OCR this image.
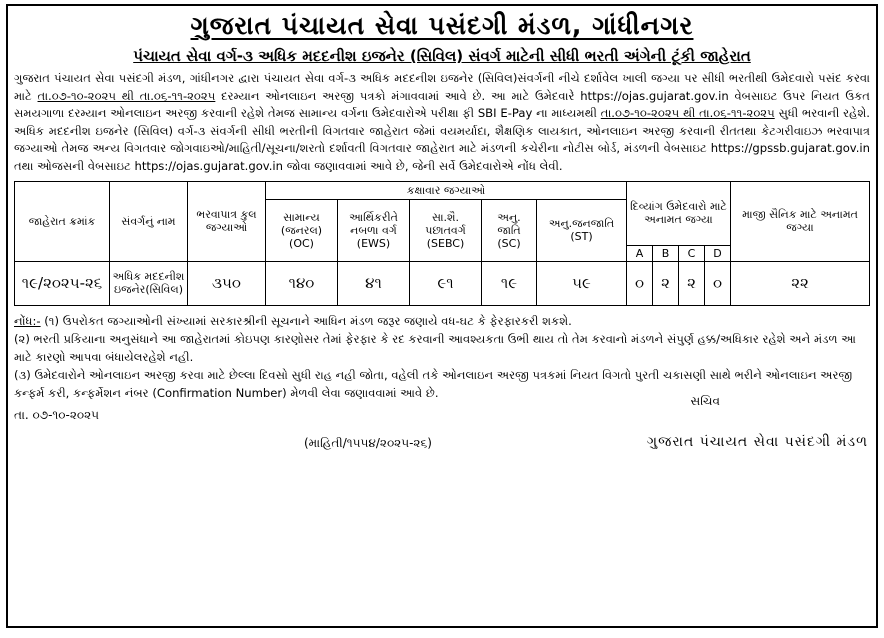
ગુજરાત પંચાયત સેવા પસંદગી મંડળ, ગાંધીનગર
પંચાયત સેવા વર્ગ-૩ અધિક મદદનીશ ઇજનેર (સિવિલ) સંવર્ગ માટેની સીધી ભરતી અંગેની ટૂંકી જાહેરાત
ગુજરાત પંચાયત સેવા પસંદગી મંડળ, ગાંધીનગર દ્વારા પંચાયત સેવા વર્ગ-૩ અધિક મદદનીશ ઇજનેર (સિવિલ)સંવર્ગની નીચે દર્શાવેલ ખાલી જગ્યા પર સીધી ભરતીથી ઉમેદવારો પસંદ કરવા માટે તા.૦૭-૧૦-૨૦૨૫ થી તા.૦૬-૧૧-૨૦૨૫ દરમ્યાન ઓનલાઇન અરજી પત્રકો મંગાવવામાં આવે છે. આ માટે ઉમેદવારે https://ojas.gujarat.gov.in વેબસાઇટ ઉપર નિયત ઉકત સમયગાળા દરમ્યાન ઓનલાઇન અરજી કરવાની રહેશે તેમજ સામાન્ય વર્ગના ઉમેદવારોએ પરીક્ષા ફી SBI E-Pay ના માધ્યમથી તા.૦૭-૧૦-૨૦૨૫ થી તા.૦૬-૧૧-૨૦૨૫ સુધી ભરવાની રહેશે. અધિક મદદનીશ ઇજનેર (સિવિલ) વર્ગ-૩ સંવર્ગની સીધી ભરતીની વિગતવાર જાહેરાત જેમાં વયમર્યાદા, શૈક્ષણિક લાયકાત, ઓનલાઇન અરજી કરવાની રીતતથા કેટગરીવાઇઝ ભરવાપાત્ર જગ્યાઓ તેમજ અન્ય વિગતવાર જોગવાઇઓ/માહિતી/સૂચના/શરતો દર્શાવતી વિગતવાર જાહેરાત માટે મંડળની કચેરીના નોટીસ બોર્ડ, મંડળની વેબસાઇટ https://gpssb.gujarat.gov.in તથા ઓજસની વેબસાઇટ https://ojas.gujarat.gov.in જોવા જણાવવામાં આવે છે, જેની સર્વે ઉમેદવારોએ નોંધ લેવી.
જાહેરાત ક્રમાંક	સંવર્ગનું નામ	ભરવાપાત્ર કુલ જગ્યાઓ	કક્ષાવાર જગ્યાઓ					દિવ્યાંગ ઉમેદવારો માટે અનામત જગ્યા				માજી સૈનિક માટે અનામત જગ્યા
			સામાન્ય (જનરલ) (OC)	આર્થિકરીતે નબળા વર્ગ (EWS)	સા.શૈ. પછાતવર્ગ (SEBC)	અનુ. જાતિ (SC)	અનુ.જનજાતિ (ST)					
								A	B	C	D	
૧૯/૨૦૨૫-૨૬	અધિક મદદનીશ ઇજનેર(સિવિલ)	૩૫૦	૧૪૦	૪૧	૯૧	૧૯	૫૯	૦	૨	૨	૦	૨૨
નોંધ:- (૧) ઉપરોકત જગ્યાઓની સંખ્યામાં સરકારશ્રીની સૂચનાને આધિન મંડળ જરૂર જણાયે વધ-ઘટ કે ફેરફારકરી શકશે.
(૨) ભરતી પ્રકિયાના અનુસંધાને આ જાહેરાતમાં કોઇપણ કારણોસર તેમાં ફેરફાર કે રદ કરવાની આવશ્યકતા ઉભી થાય તો તેમ કરવાનો મંડળને સંપુર્ણ હક્ક/અધિકાર રહેશે અને મંડળ આ માટે કારણો આપવા બંધાયેલરહેશે નહી.
(૩) ઉમેદવારોને ઓનલાઇન અરજી કરવા માટે છેલ્લા દિવસો સુધી રાહ નહી જોતા, વહેલી તકે ઓનલાઇન અરજી પત્રકમાં નિયત વિગતો પુરતી ચકાસણી સાથે ભરીને ઓનલાઇન અરજી કન્ફર્મ કરી, કન્ફર્મેશન નંબર (Confirmation Number) મેળવી લેવા જણાવવામાં આવે છે.
તા. ૦૭-૧૦-૨૦૨૫
સચિવ
(માહિતી/૧૫૫૪/૨૦૨૫-૨૬)	ગુજરાત પંચાયત સેવા પસંદગી મંડળ
